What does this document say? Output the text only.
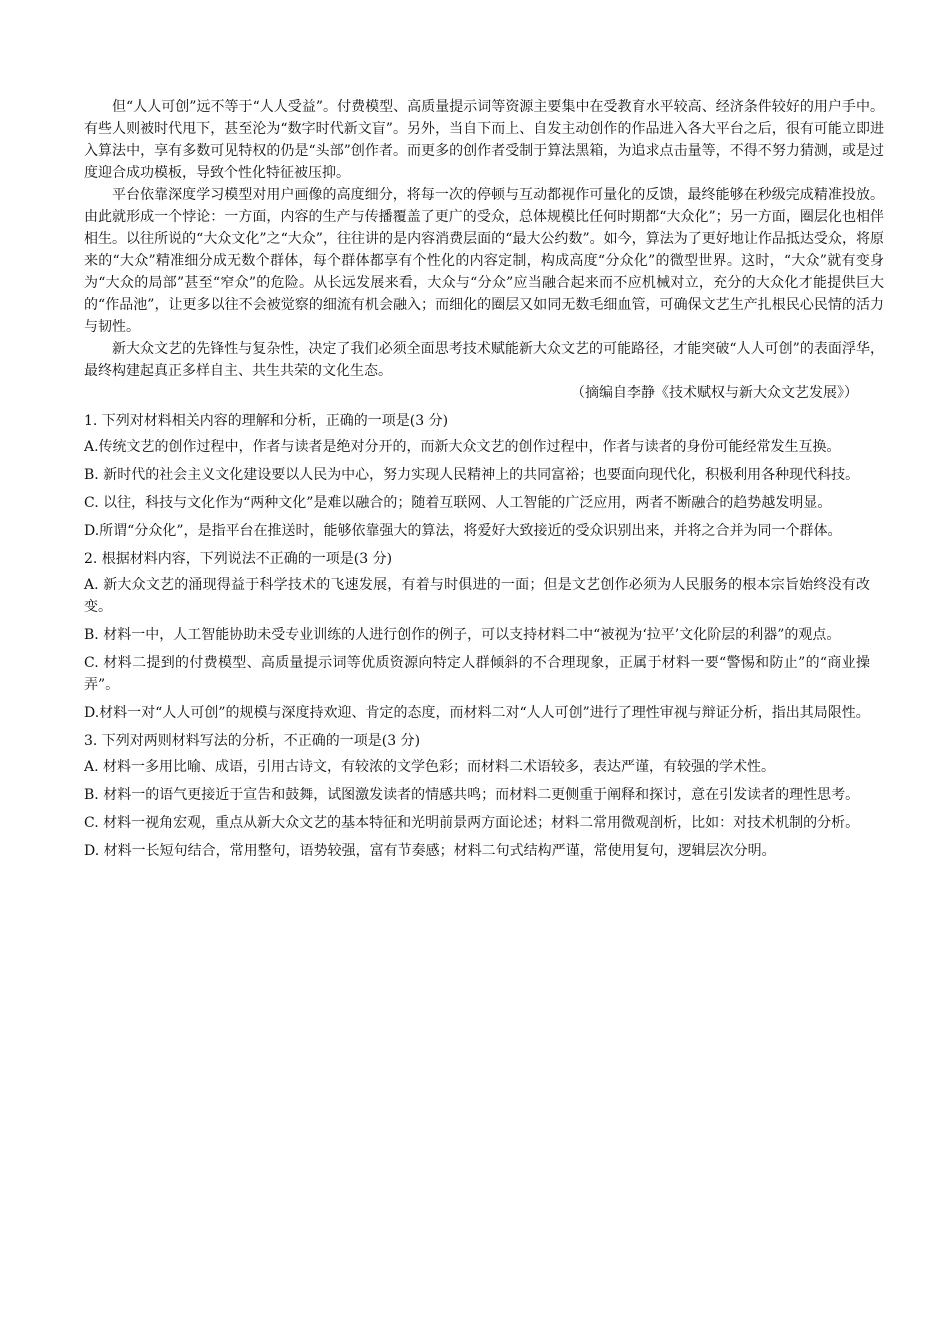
但“人人可创”远不等于“人人受益”。付费模型、高质量提示词等资源主要集中在受教育水平较高、经济条件较好的用户手中。有些人则被时代甩下，甚至沦为“数字时代新文盲”。另外，当自下而上、自发主动创作的作品进入各大平台之后，很有可能立即进入算法中，享有多数可见特权的仍是“头部”创作者。而更多的创作者受制于算法黑箱，为追求点击量等，不得不努力猜测，或是过度迎合成功模板，导致个性化特征被压抑。

平台依靠深度学习模型对用户画像的高度细分，将每一次的停顿与互动都视作可量化的反馈，最终能够在秒级完成精准投放。由此就形成一个悖论：一方面，内容的生产与传播覆盖了更广的受众，总体规模比任何时期都“大众化”；另一方面，圈层化也相伴相生。以往所说的“大众文化”之“大众”，往往讲的是内容消费层面的“最大公约数”。如今，算法为了更好地让作品抵达受众，将原来的“大众”精准细分成无数个群体，每个群体都享有个性化的内容定制，构成高度“分众化”的微型世界。这时，“大众”就有变身为“大众的局部”甚至“窄众”的危险。从长远发展来看，大众与“分众”应当融合起来而不应机械对立，充分的大众化才能提供巨大的“作品池”，让更多以往不会被觉察的细流有机会融入；而细化的圈层又如同无数毛细血管，可确保文艺生产扎根民心民情的活力与韧性。

新大众文艺的先锋性与复杂性，决定了我们必须全面思考技术赋能新大众文艺的可能路径，才能突破“人人可创”的表面浮华，最终构建起真正多样自主、共生共荣的文化生态。

（摘编自李静《技术赋权与新大众文艺发展》）

1. 下列对材料相关内容的理解和分析，正确的一项是(3 分)

A.传统文艺的创作过程中，作者与读者是绝对分开的，而新大众文艺的创作过程中，作者与读者的身份可能经常发生互换。

B. 新时代的社会主义文化建设要以人民为中心，努力实现人民精神上的共同富裕；也要面向现代化，积极利用各种现代科技。

C. 以往，科技与文化作为“两种文化”是难以融合的；随着互联网、人工智能的广泛应用，两者不断融合的趋势越发明显。

D.所谓“分众化”，是指平台在推送时，能够依靠强大的算法，将爱好大致接近的受众识别出来，并将之合并为同一个群体。

2. 根据材料内容，下列说法不正确的一项是(3 分)

A. 新大众文艺的涌现得益于科学技术的飞速发展，有着与时俱进的一面；但是文艺创作必须为人民服务的根本宗旨始终没有改变。

B. 材料一中，人工智能协助未受专业训练的人进行创作的例子，可以支持材料二中“被视为‘拉平’文化阶层的利器”的观点。

C. 材料二提到的付费模型、高质量提示词等优质资源向特定人群倾斜的不合理现象，正属于材料一要“警惕和防止”的“商业操弄”。

D.材料一对“人人可创”的规模与深度持欢迎、肯定的态度，而材料二对“人人可创”进行了理性审视与辩证分析，指出其局限性。

3. 下列对两则材料写法的分析，不正确的一项是(3 分)

A. 材料一多用比喻、成语，引用古诗文，有较浓的文学色彩；而材料二术语较多，表达严谨，有较强的学术性。

B. 材料一的语气更接近于宣告和鼓舞，试图激发读者的情感共鸣；而材料二更侧重于阐释和探讨，意在引发读者的理性思考。

C. 材料一视角宏观，重点从新大众文艺的基本特征和光明前景两方面论述；材料二常用微观剖析，比如：对技术机制的分析。

D. 材料一长短句结合，常用整句，语势较强，富有节奏感；材料二句式结构严谨，常使用复句，逻辑层次分明。
